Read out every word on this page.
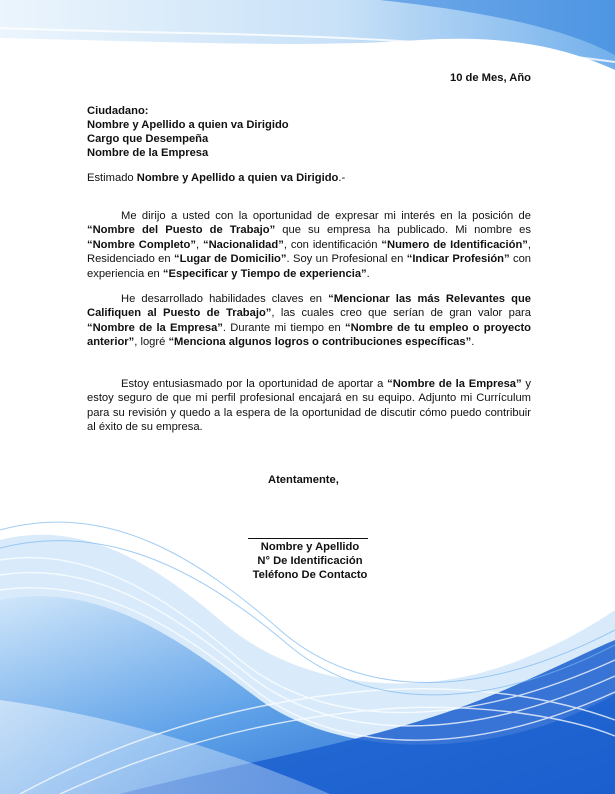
10 de Mes, Año
Ciudadano:
Nombre y Apellido a quien va Dirigido
Cargo que Desempeña
Nombre de la Empresa
Estimado Nombre y Apellido a quien va Dirigido.-
Me dirijo a usted con la oportunidad de expresar mi interés en la posición de “Nombre del Puesto de Trabajo” que su empresa ha publicado. Mi nombre es “Nombre Completo”, “Nacionalidad”, con identificación “Numero de Identificación”, Residenciado en “Lugar de Domicilio”. Soy un Profesional en “Indicar Profesión” con experiencia en “Especificar y Tiempo de experiencia”.
He desarrollado habilidades claves en “Mencionar las más Relevantes que Califiquen al Puesto de Trabajo”, las cuales creo que serían de gran valor para “Nombre de la Empresa”. Durante mi tiempo en “Nombre de tu empleo o proyecto anterior”, logré “Menciona algunos logros o contribuciones específicas”.
Estoy entusiasmado por la oportunidad de aportar a “Nombre de la Empresa” y estoy seguro de que mi perfil profesional encajará en su equipo. Adjunto mi Currículum para su revisión y quedo a la espera de la oportunidad de discutir cómo puedo contribuir al éxito de su empresa.
Atentamente,
Nombre y Apellido
N° De Identificación
Teléfono De Contacto
